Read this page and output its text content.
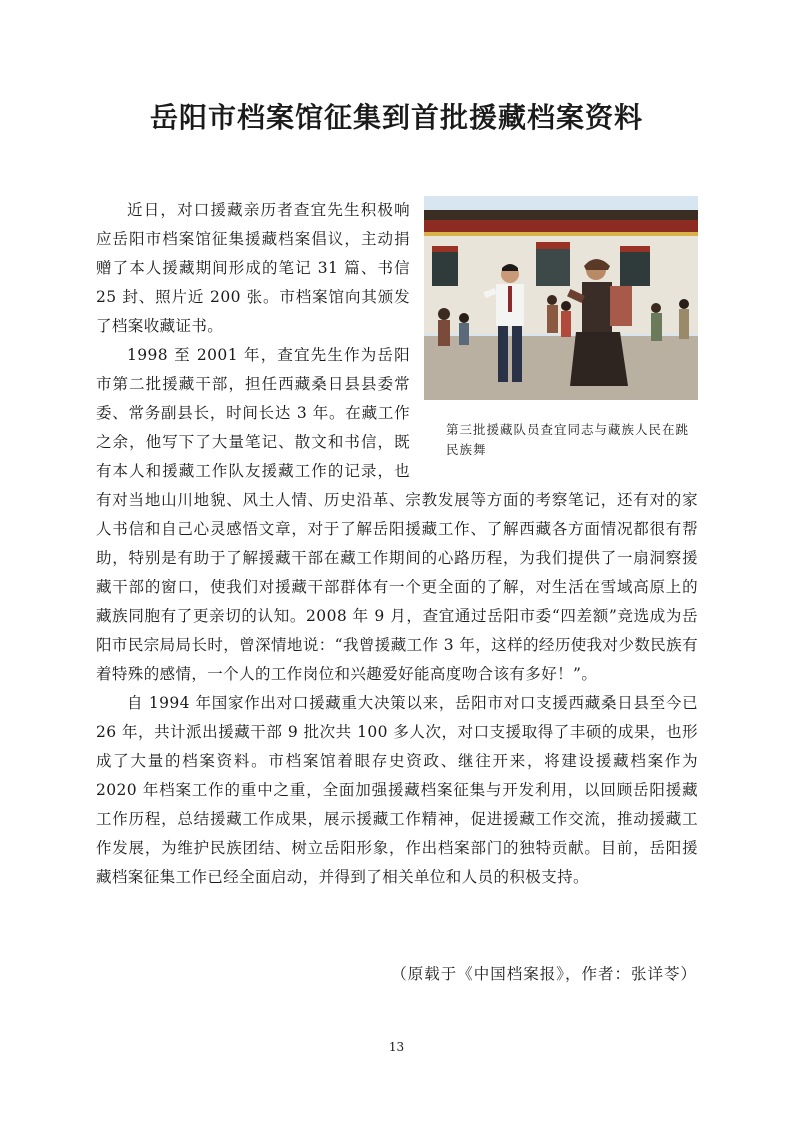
岳阳市档案馆征集到首批援藏档案资料
第三批援藏队员查宜同志与藏族人民在跳民族舞

近日，对口援藏亲历者查宜先生积极响应岳阳市档案馆征集援藏档案倡议，主动捐赠了本人援藏期间形成的笔记 31 篇、书信 25 封、照片近 200 张。市档案馆向其颁发了档案收藏证书。

1998 至 2001 年，查宜先生作为岳阳市第二批援藏干部，担任西藏桑日县县委常委、常务副县长，时间长达 3 年。在藏工作之余，他写下了大量笔记、散文和书信，既有本人和援藏工作队友援藏工作的记录，也有对当地山川地貌、风土人情、历史沿革、宗教发展等方面的考察笔记，还有对的家人书信和自己心灵感悟文章，对于了解岳阳援藏工作、了解西藏各方面情况都很有帮助，特别是有助于了解援藏干部在藏工作期间的心路历程，为我们提供了一扇洞察援藏干部的窗口，使我们对援藏干部群体有一个更全面的了解，对生活在雪域高原上的藏族同胞有了更亲切的认知。2008 年 9 月，查宜通过岳阳市委“四差额”竞选成为岳阳市民宗局局长时，曾深情地说：“我曾援藏工作 3 年，这样的经历使我对少数民族有着特殊的感情，一个人的工作岗位和兴趣爱好能高度吻合该有多好！”。

自 1994 年国家作出对口援藏重大决策以来，岳阳市对口支援西藏桑日县至今已 26 年，共计派出援藏干部 9 批次共 100 多人次，对口支援取得了丰硕的成果，也形成了大量的档案资料。市档案馆着眼存史资政、继往开来，将建设援藏档案作为 2020 年档案工作的重中之重，全面加强援藏档案征集与开发利用，以回顾岳阳援藏工作历程，总结援藏工作成果，展示援藏工作精神，促进援藏工作交流，推动援藏工作发展，为维护民族团结、树立岳阳形象，作出档案部门的独特贡献。目前，岳阳援藏档案征集工作已经全面启动，并得到了相关单位和人员的积极支持。

（原载于《中国档案报》，作者：张详苓）
13
